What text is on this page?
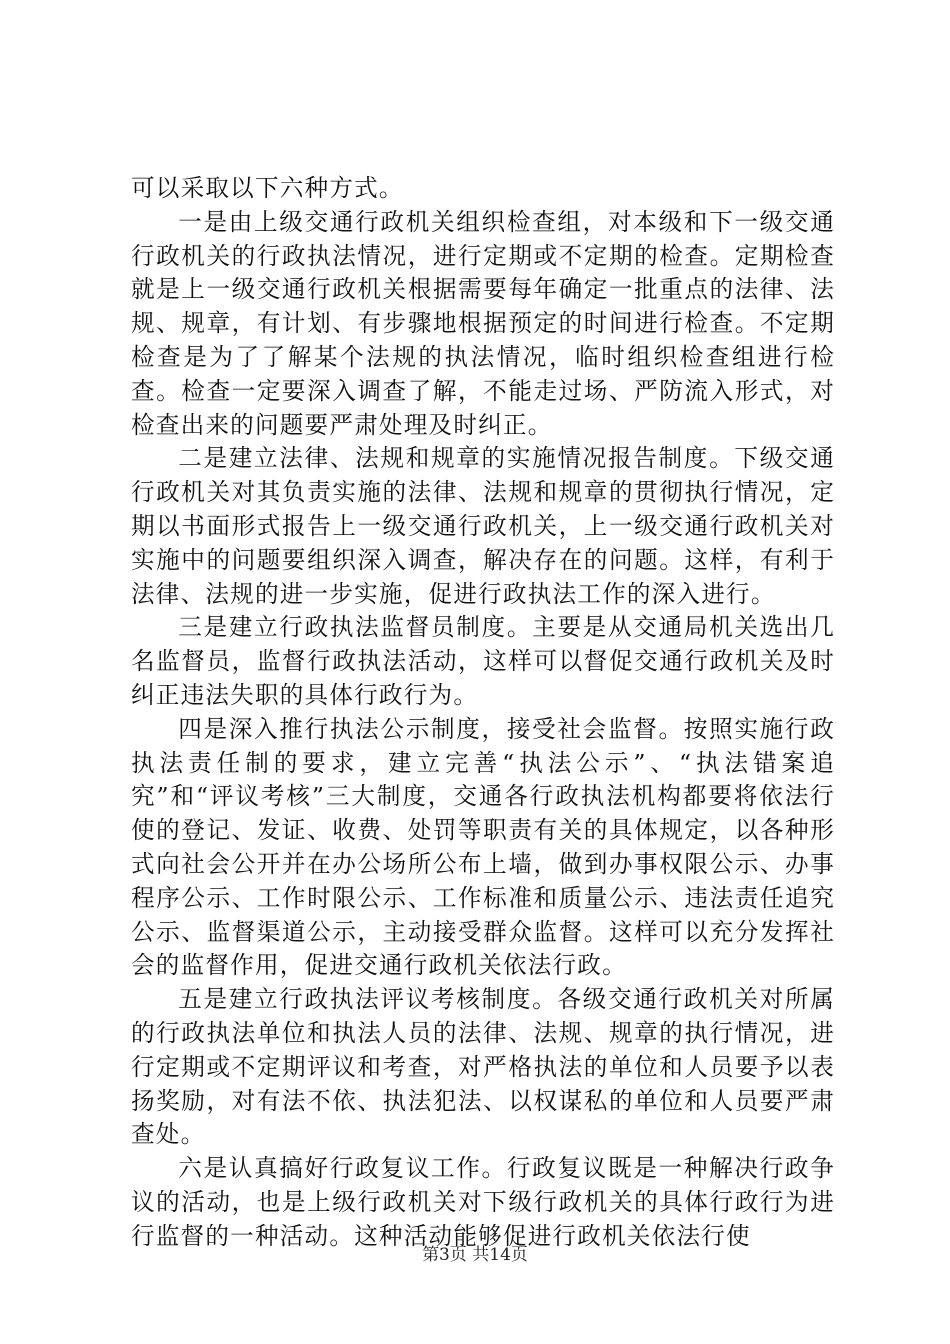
可以采取以下六种方式。

一是由上级交通行政机关组织检查组，对本级和下一级交通行政机关的行政执法情况，进行定期或不定期的检查。定期检查就是上一级交通行政机关根据需要每年确定一批重点的法律、法规、规章，有计划、有步骤地根据预定的时间进行检查。不定期检查是为了了解某个法规的执法情况，临时组织检查组进行检查。检查一定要深入调查了解，不能走过场、严防流入形式，对检查出来的问题要严肃处理及时纠正。

二是建立法律、法规和规章的实施情况报告制度。下级交通行政机关对其负责实施的法律、法规和规章的贯彻执行情况，定期以书面形式报告上一级交通行政机关，上一级交通行政机关对实施中的问题要组织深入调查，解决存在的问题。这样，有利于法律、法规的进一步实施，促进行政执法工作的深入进行。

三是建立行政执法监督员制度。主要是从交通局机关选出几名监督员，监督行政执法活动，这样可以督促交通行政机关及时纠正违法失职的具体行政行为。

四是深入推行执法公示制度，接受社会监督。按照实施行政执法责任制的要求，建立完善“执法公示”、“执法错案追究”和“评议考核”三大制度，交通各行政执法机构都要将依法行使的登记、发证、收费、处罚等职责有关的具体规定，以各种形式向社会公开并在办公场所公布上墙，做到办事权限公示、办事程序公示、工作时限公示、工作标准和质量公示、违法责任追究公示、监督渠道公示，主动接受群众监督。这样可以充分发挥社会的监督作用，促进交通行政机关依法行政。

五是建立行政执法评议考核制度。各级交通行政机关对所属的行政执法单位和执法人员的法律、法规、规章的执行情况，进行定期或不定期评议和考查，对严格执法的单位和人员要予以表扬奖励，对有法不依、执法犯法、以权谋私的单位和人员要严肃查处。

六是认真搞好行政复议工作。行政复议既是一种解决行政争议的活动，也是上级行政机关对下级行政机关的具体行政行为进行监督的一种活动。这种活动能够促进行政机关依法行使

第3页 共14页
